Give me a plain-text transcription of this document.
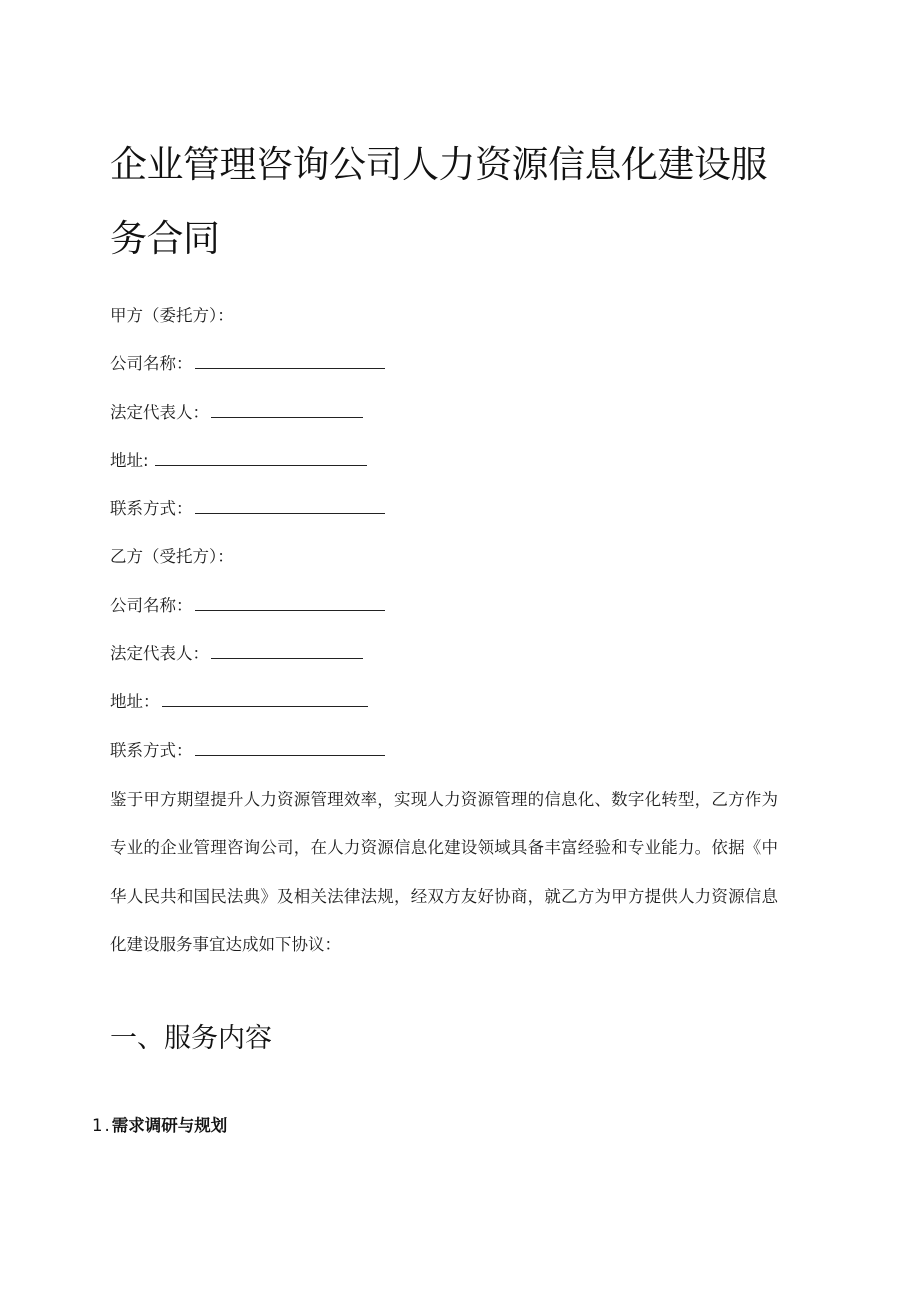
企业管理咨询公司人力资源信息化建设服务合同
甲方（委托方）：
公司名称：
法定代表人：
地址:
联系方式：
乙方（受托方）：
公司名称：
法定代表人：
地址：
联系方式：

鉴于甲方期望提升人力资源管理效率，实现人力资源管理的信息化、数字化转型，乙方作为专业的企业管理咨询公司，在人力资源信息化建设领域具备丰富经验和专业能力。依据《中华人民共和国民法典》及相关法律法规，经双方友好协商，就乙方为甲方提供人力资源信息化建设服务事宜达成如下协议：

一、服务内容
1.需求调研与规划
